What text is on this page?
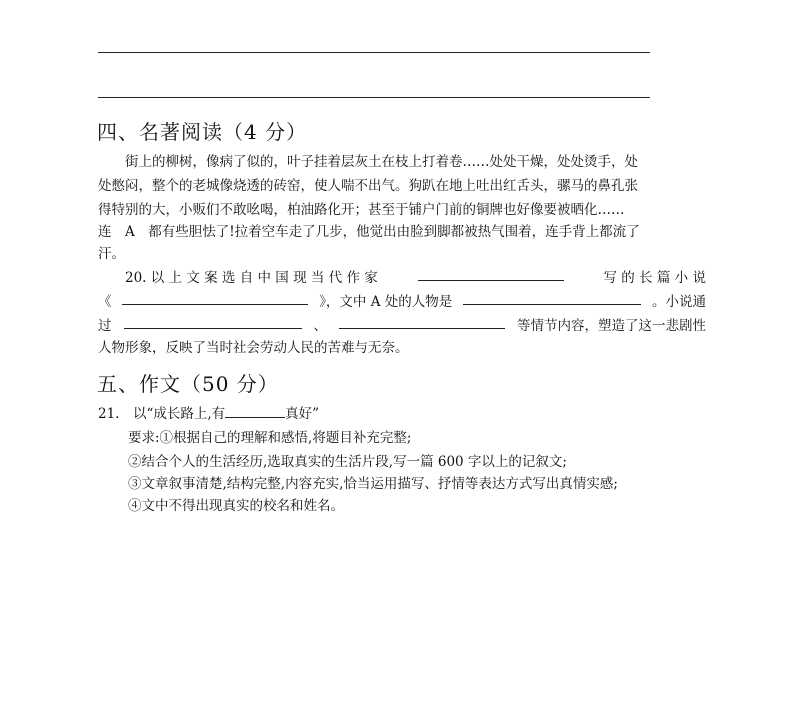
四、名著阅读（4 分）
街上的柳树，像病了似的，叶子挂着层灰土在枝上打着卷……处处干燥，处处烫手，处
处憋闷，整个的老城像烧透的砖窑，使人喘不出气。狗趴在地上吐出红舌头，骡马的鼻孔张
得特别的大，小贩们不敢吆喝，柏油路化开；甚至于铺户门前的铜牌也好像要被晒化……
连　A　都有些胆怯了!拉着空车走了几步，他觉出由脸到脚都被热气围着，连手背上都流了
汗。
20. 以 上 文 案 选 自 中 国 现 当 代 作 家	写 的 长 篇 小 说
《	》，文中 A 处的人物是	。小说通
过	、	等情节内容，塑造了这一悲剧性
人物形象，反映了当时社会劳动人民的苦难与无奈。
五、作文（50 分）
21.　以“成长路上,有	真好”
要求:①根据自己的理解和感悟,将题目补充完整;
②结合个人的生活经历,选取真实的生活片段,写一篇 600 字以上的记叙文;
③文章叙事清楚,结构完整,内容充实,恰当运用描写、抒情等表达方式写出真情实感;
④文中不得出现真实的校名和姓名。
